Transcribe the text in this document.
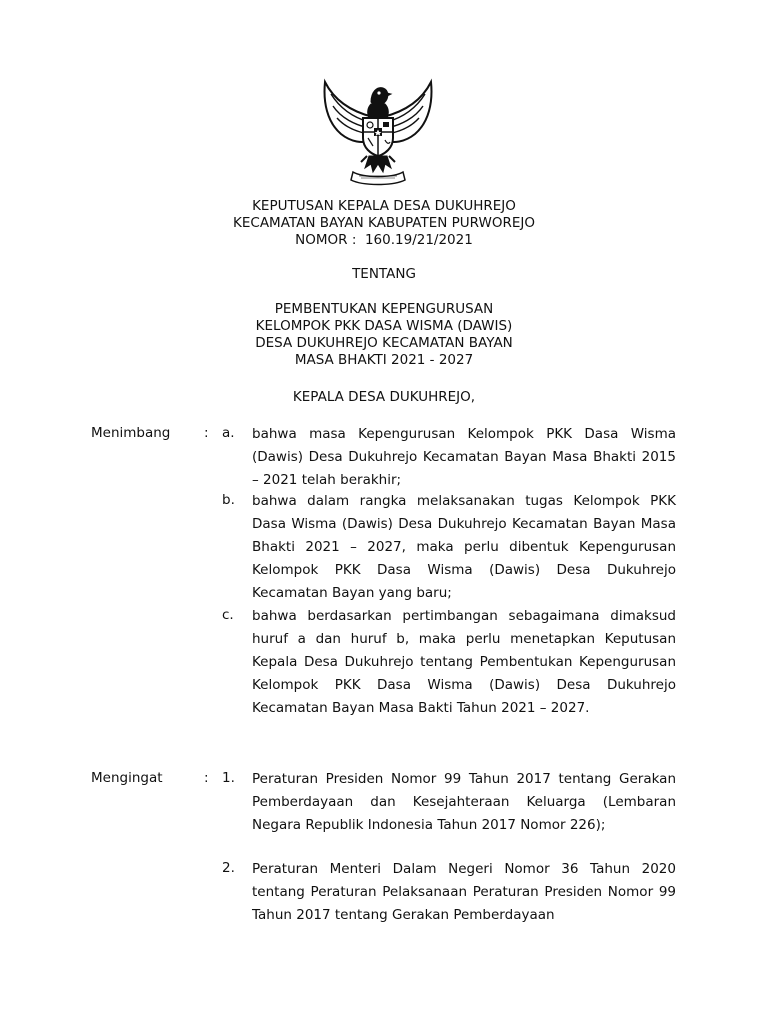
KEPUTUSAN KEPALA DESA DUKUHREJO
KECAMATAN BAYAN KABUPATEN PURWOREJO
NOMOR :  160.19/21/2021
TENTANG
PEMBENTUKAN KEPENGURUSAN
KELOMPOK PKK DASA WISMA (DAWIS)
DESA DUKUHREJO KECAMATAN BAYAN
MASA BHAKTI 2021 - 2027
KEPALA DESA DUKUHREJO,
Menimbang : a.	bahwa masa Kepengurusan Kelompok PKK Dasa Wisma (Dawis) Desa Dukuhrejo Kecamatan Bayan Masa Bhakti 2015 – 2021 telah berakhir;
b.	bahwa dalam rangka melaksanakan tugas Kelompok PKK Dasa Wisma (Dawis) Desa Dukuhrejo Kecamatan Bayan Masa Bhakti 2021 – 2027, maka perlu dibentuk Kepengurusan Kelompok PKK Dasa Wisma (Dawis) Desa Dukuhrejo Kecamatan Bayan yang baru;
c.	bahwa berdasarkan pertimbangan sebagaimana dimaksud huruf a dan huruf b, maka perlu menetapkan Keputusan Kepala Desa Dukuhrejo tentang Pembentukan Kepengurusan Kelompok PKK Dasa Wisma (Dawis) Desa Dukuhrejo Kecamatan Bayan Masa Bakti Tahun 2021 – 2027.
Mengingat	: 1.	Peraturan Presiden Nomor 99 Tahun 2017 tentang Gerakan Pemberdayaan dan Kesejahteraan Keluarga (Lembaran Negara Republik Indonesia Tahun 2017 Nomor 226);
2.	Peraturan Menteri Dalam Negeri Nomor 36 Tahun 2020 tentang Peraturan Pelaksanaan Peraturan Presiden Nomor 99 Tahun 2017 tentang Gerakan Pemberdayaan
